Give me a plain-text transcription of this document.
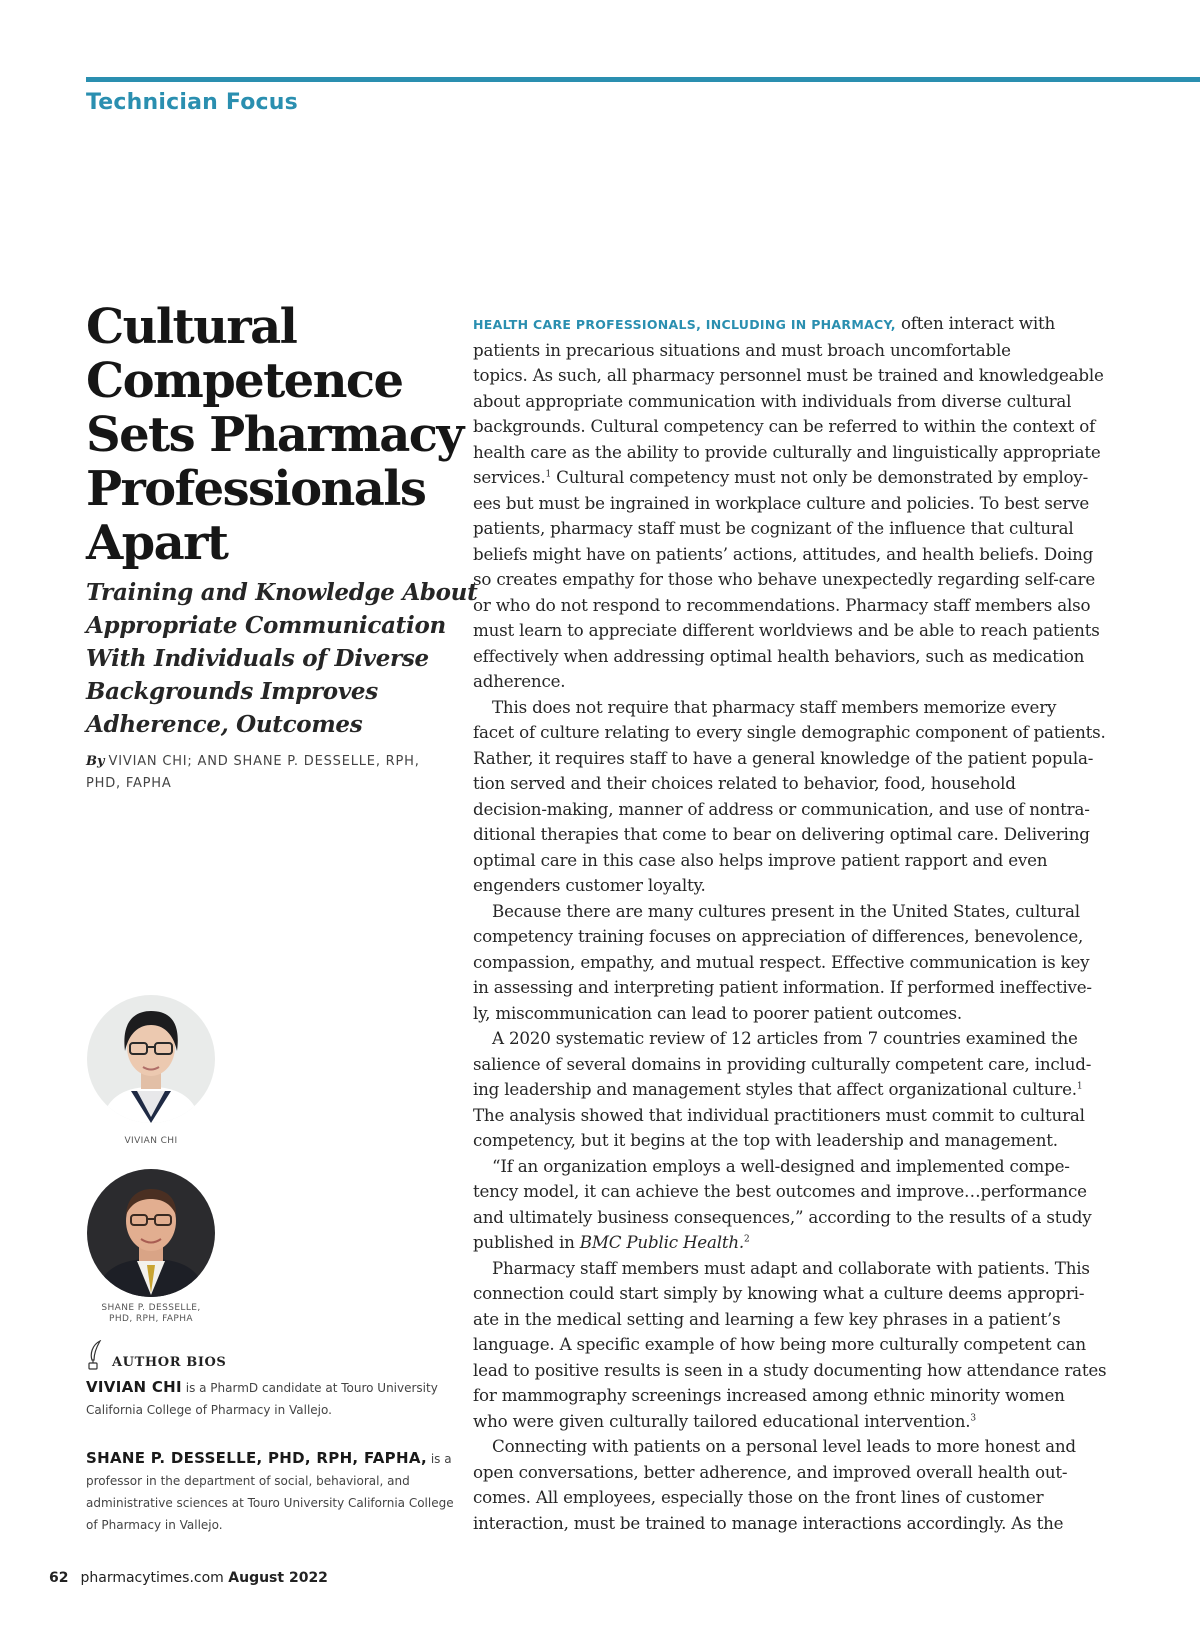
Technician Focus
Cultural
Competence
Sets Pharmacy
Professionals
Apart
Training and Knowledge About
Appropriate Communication
With Individuals of Diverse
Backgrounds Improves
Adherence, Outcomes
By VIVIAN CHI; AND SHANE P. DESSELLE, RPH,
PHD, FAPHA
VIVIAN CHI
SHANE P. DESSELLE,
PHD, RPH, FAPHA
AUTHOR BIOS

VIVIAN CHI is a PharmD candidate at Touro University California College of Pharmacy in Vallejo.

SHANE P. DESSELLE, PHD, RPH, FAPHA, is a professor in the department of social, behavioral, and administrative sciences at Touro University California College of Pharmacy in Vallejo.

HEALTH CARE PROFESSIONALS, INCLUDING IN PHARMACY, often interact with
patients in precarious situations and must broach uncomfortable
topics. As such, all pharmacy personnel must be trained and knowledgeable
about appropriate communication with individuals from diverse cultural
backgrounds. Cultural competency can be referred to within the context of
health care as the ability to provide culturally and linguistically appropriate
services.$^1$ Cultural competency must not only be demonstrated by employ-
ees but must be ingrained in workplace culture and policies. To best serve
patients, pharmacy staff must be cognizant of the influence that cultural
beliefs might have on patients’ actions, attitudes, and health beliefs. Doing
so creates empathy for those who behave unexpectedly regarding self-care
or who do not respond to recommendations. Pharmacy staff members also
must learn to appreciate different worldviews and be able to reach patients
effectively when addressing optimal health behaviors, such as medication
adherence.
This does not require that pharmacy staff members memorize every
facet of culture relating to every single demographic component of patients.
Rather, it requires staff to have a general knowledge of the patient popula-
tion served and their choices related to behavior, food, household
decision-making, manner of address or communication, and use of nontra-
ditional therapies that come to bear on delivering optimal care. Delivering
optimal care in this case also helps improve patient rapport and even
engenders customer loyalty.
Because there are many cultures present in the United States, cultural
competency training focuses on appreciation of differences, benevolence,
compassion, empathy, and mutual respect. Effective communication is key
in assessing and interpreting patient information. If performed ineffective-
ly, miscommunication can lead to poorer patient outcomes.
A 2020 systematic review of 12 articles from 7 countries examined the
salience of several domains in providing culturally competent care, includ-
ing leadership and management styles that affect organizational culture.$^1$
The analysis showed that individual practitioners must commit to cultural
competency, but it begins at the top with leadership and management.
“If an organization employs a well-designed and implemented compe-
tency model, it can achieve the best outcomes and improve…performance
and ultimately business consequences,” according to the results of a study
published in BMC Public Health.$^2$
Pharmacy staff members must adapt and collaborate with patients. This
connection could start simply by knowing what a culture deems appropri-
ate in the medical setting and learning a few key phrases in a patient’s
language. A specific example of how being more culturally competent can
lead to positive results is seen in a study documenting how attendance rates
for mammography screenings increased among ethnic minority women
who were given culturally tailored educational intervention.$^3$
Connecting with patients on a personal level leads to more honest and
open conversations, better adherence, and improved overall health out-
comes. All employees, especially those on the front lines of customer
interaction, must be trained to manage interactions accordingly. As the
62 pharmacytimes.com August 2022
